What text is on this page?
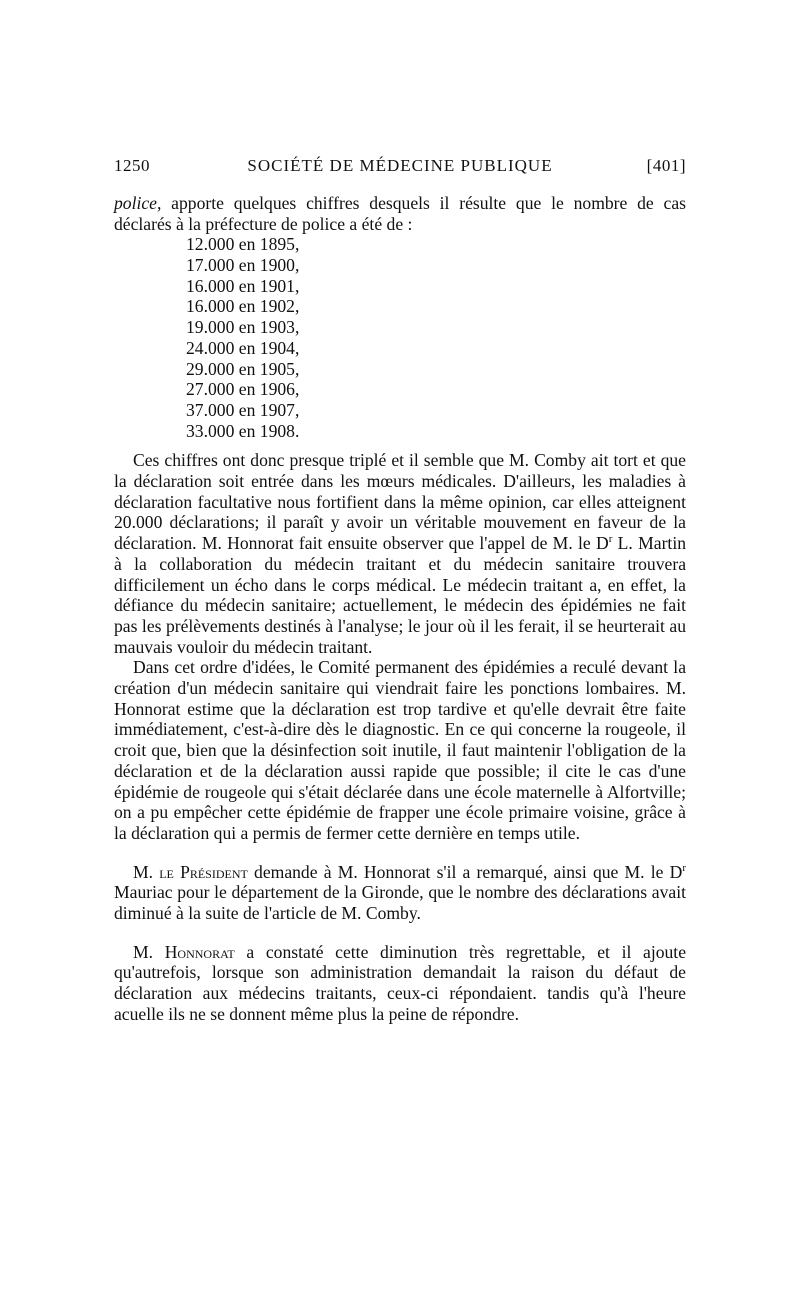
1250	SOCIÉTÉ DE MÉDECINE PUBLIQUE	[401]

police, apporte quelques chiffres desquels il résulte que le nombre de cas déclarés à la préfecture de police a été de :

12.000 en 1895,
17.000 en 1900,
16.000 en 1901,
16.000 en 1902,
19.000 en 1903,
24.000 en 1904,
29.000 en 1905,
27.000 en 1906,
37.000 en 1907,
33.000 en 1908.

Ces chiffres ont donc presque triplé et il semble que M. Comby ait tort et que la déclaration soit entrée dans les mœurs médicales. D'ailleurs, les maladies à déclaration facultative nous fortifient dans la même opinion, car elles atteignent 20.000 déclarations; il paraît y avoir un véritable mouvement en faveur de la déclaration. M. Honnorat fait ensuite observer que l'appel de M. le $D^r$ L. Martin à la collaboration du médecin traitant et du médecin sanitaire trouvera difficilement un écho dans le corps médical. Le médecin traitant a, en effet, la défiance du médecin sanitaire; actuellement, le médecin des épidémies ne fait pas les prélèvements destinés à l'analyse; le jour où il les ferait, il se heurterait au mauvais vouloir du médecin traitant.

Dans cet ordre d'idées, le Comité permanent des épidémies a reculé devant la création d'un médecin sanitaire qui viendrait faire les ponctions lombaires. M. Honnorat estime que la déclaration est trop tardive et qu'elle devrait être faite immédiatement, c'est-à-dire dès le diagnostic. En ce qui concerne la rougeole, il croit que, bien que la désinfection soit inutile, il faut maintenir l'obligation de la déclaration et de la déclaration aussi rapide que possible; il cite le cas d'une épidémie de rougeole qui s'était déclarée dans une école maternelle à Alfortville; on a pu empêcher cette épidémie de frapper une école primaire voisine, grâce à la déclaration qui a permis de fermer cette dernière en temps utile.

M. le Président demande à M. Honnorat s'il a remarqué, ainsi que M. le $D^r$ Mauriac pour le département de la Gironde, que le nombre des déclarations avait diminué à la suite de l'article de M. Comby.

M. Honnorat a constaté cette diminution très regrettable, et il ajoute qu'autrefois, lorsque son administration demandait la raison du défaut de déclaration aux médecins traitants, ceux-ci répondaient. tandis qu'à l'heure acuelle ils ne se donnent même plus la peine de répondre.
